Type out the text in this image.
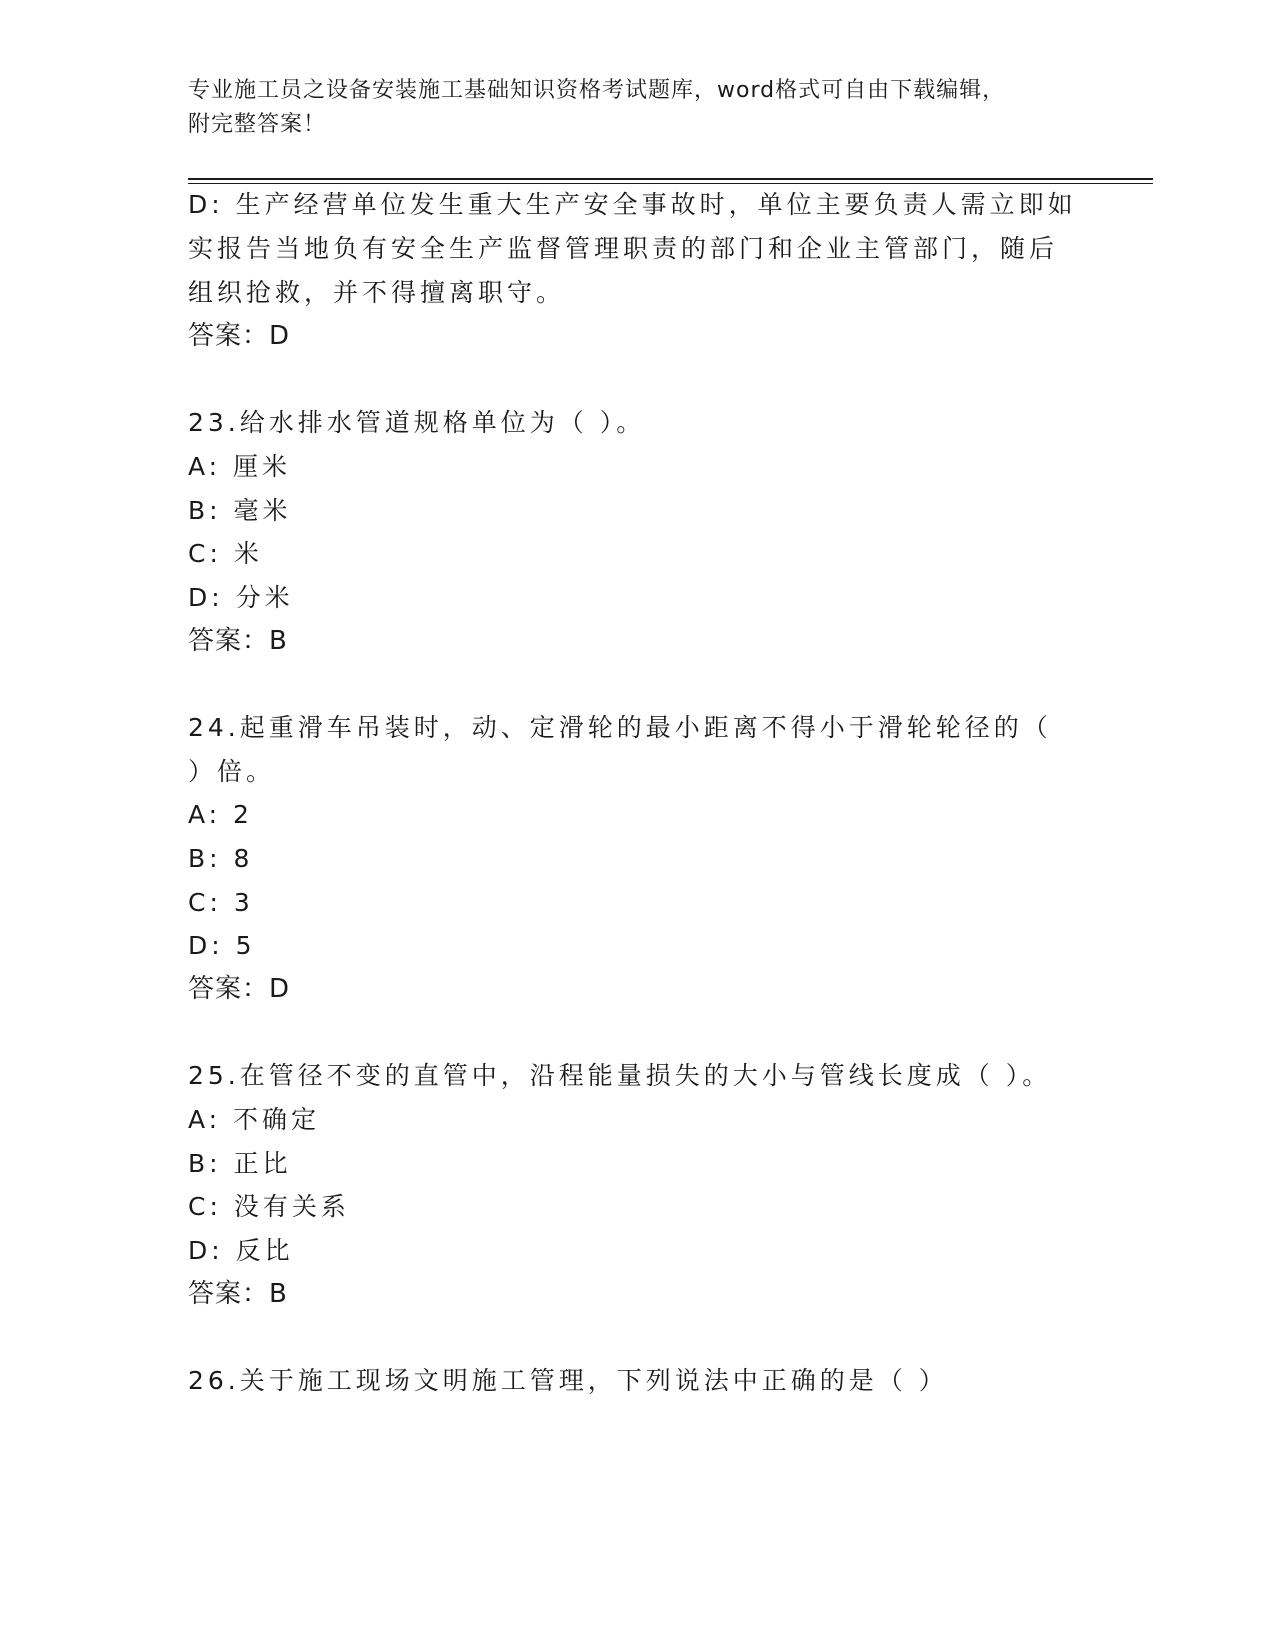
专业施工员之设备安装施工基础知识资格考试题库，word格式可自由下载编辑，
附完整答案！
D: 生产经营单位发生重大生产安全事故时，单位主要负责人需立即如
实报告当地负有安全生产监督管理职责的部门和企业主管部门，随后
组织抢救，并不得擅离职守。
答案：D
23.给水排水管道规格单位为（ ）。
A: 厘米
B: 毫米
C: 米
D: 分米
答案：B
24.起重滑车吊装时，动、定滑轮的最小距离不得小于滑轮轮径的（
）倍。
A: 2
B: 8
C: 3
D: 5
答案：D
25.在管径不变的直管中，沿程能量损失的大小与管线长度成（ ）。
A: 不确定
B: 正比
C: 没有关系
D: 反比
答案：B
26.关于施工现场文明施工管理，下列说法中正确的是（ ）
